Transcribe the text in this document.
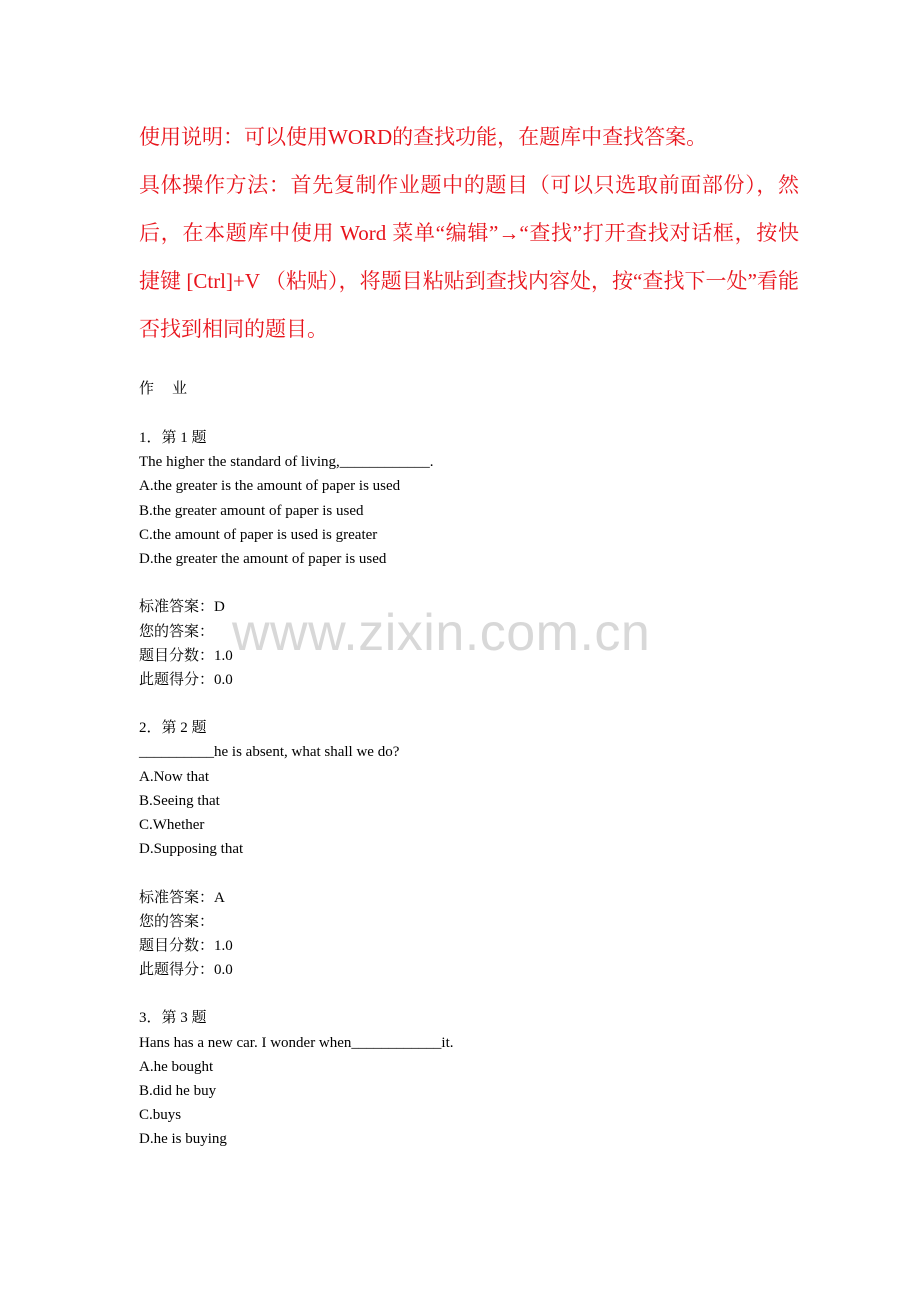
使用说明：可以使用WORD的查找功能，在题库中查找答案。

具体操作方法：首先复制作业题中的题目（可以只选取前面部份），然后，在本题库中使用 Word 菜单“编辑”→“查找”打开查找对话框，按快捷键 [Ctrl]+V （粘贴），将题目粘贴到查找内容处，按“查找下一处”看能否找到相同的题目。

作 业
1．第 1 题
The higher the standard of living,____________.
A.the greater is the amount of paper is used
B.the greater amount of paper is used
C.the amount of paper is used is greater
D.the greater the amount of paper is used

标准答案：D
您的答案：
题目分数：1.0
此题得分：0.0
2．第 2 题
__________he is absent, what shall we do?
A.Now that
B.Seeing that
C.Whether
D.Supposing that

标准答案：A
您的答案：
题目分数：1.0
此题得分：0.0
3．第 3 题
Hans has a new car. I wonder when____________it.
A.he bought
B.did he buy
C.buys
D.he is buying
www.zixin.com.cn
